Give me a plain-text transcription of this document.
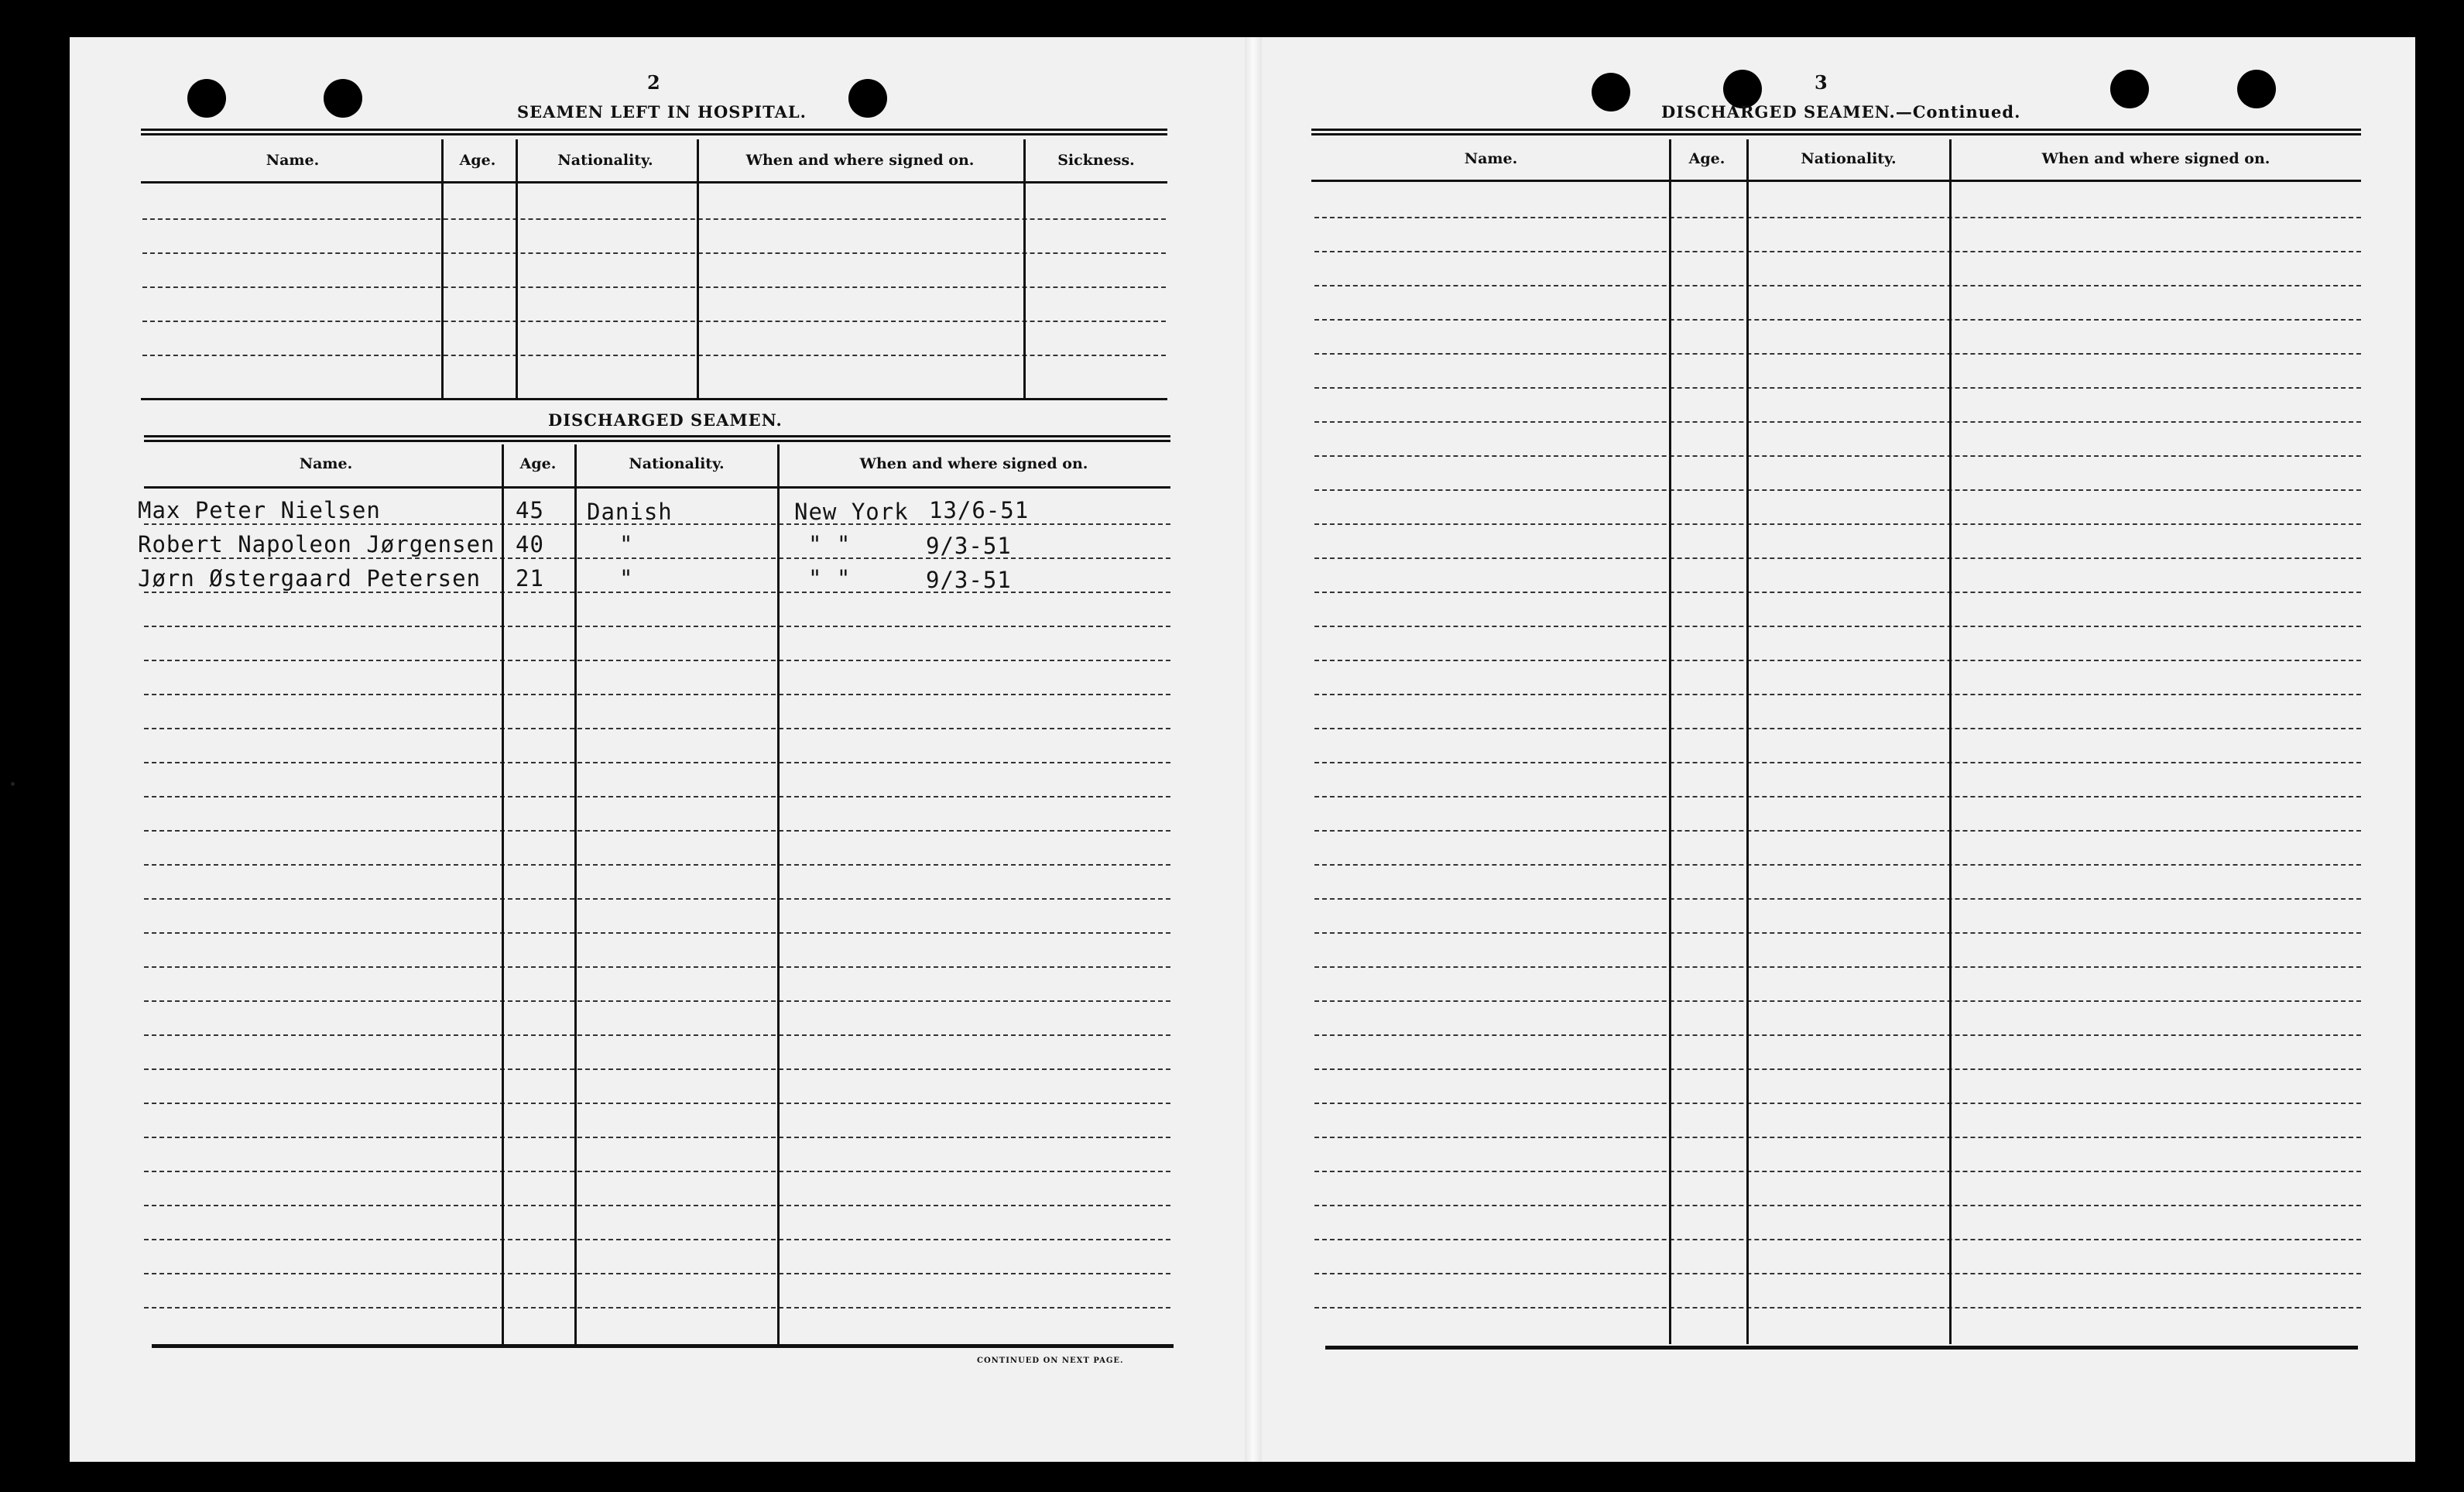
2
SEAMEN LEFT IN HOSPITAL.
Name.	Age.	Nationality.	When and where signed on.	Sickness.
DISCHARGED SEAMEN.
Name.	Age.	Nationality.	When and where signed on.
Max Peter Nielsen	45 Danish	New York 13/6-51
Robert Napoleon Jørgensen 40	"	" "	9/3-51
Jørn Østergaard Petersen 21	"	" "	9/3-51
CONTINUED ON NEXT PAGE.
3
DISCHARGED SEAMEN.—Continued.
Name.	Age.	Nationality.	When and where signed on.
